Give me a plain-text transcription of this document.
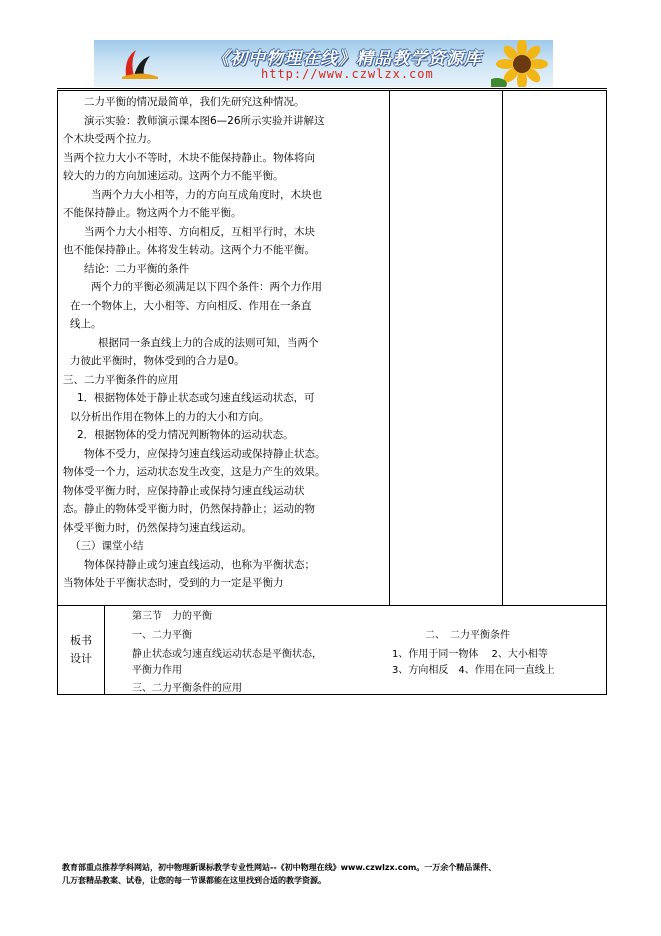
《初中物理在线》精品教学资源库
http://www.czwlzx.com

二力平衡的情况最简单，我们先研究这种情况。

演示实验：教师演示课本图6—26所示实验并讲解这

个木块受两个拉力。

当两个拉力大小不等时，木块不能保持静止。物体将向

较大的力的方向加速运动。这两个力不能平衡。

当两个力大小相等，力的方向互成角度时，木块也

不能保持静止。物这两个力不能平衡。

当两个力大小相等、方向相反，互相平行时，木块

也不能保持静止。体将发生转动。这两个力不能平衡。

结论：二力平衡的条件

两个力的平衡必须满足以下四个条件：两个力作用

在一个物体上，大小相等、方向相反、作用在一条直

线上。

根据同一条直线上力的合成的法则可知，当两个

力彼此平衡时，物体受到的合力是0。

三、二力平衡条件的应用

1．根据物体处于静止状态或匀速直线运动状态，可

以分析出作用在物体上的力的大小和方向。

2．根据物体的受力情况判断物体的运动状态。

物体不受力，应保持匀速直线运动或保持静止状态。

物体受一个力，运动状态发生改变，这是力产生的效果。

物体受平衡力时，应保持静止或保持匀速直线运动状

态。静止的物体受平衡力时，仍然保持静止；运动的物

体受平衡力时，仍然保持匀速直线运动。

（三）课堂小结

物体保持静止或匀速直线运动，也称为平衡状态；

当物体处于平衡状态时，受到的力一定是平衡力

板书
设计
第三节　力的平衡
一、二力平衡
静止状态或匀速直线运动状态是平衡状态，
平衡力作用
三、二力平衡条件的应用
二、　二力平衡条件
1、作用于同一物体　 2、大小相等
3、方向相反　4、作用在同一直线上

教育部重点推荐学科网站，初中物理新课标教学专业性网站--《初中物理在线》www.czwlzx.com。一万余个精品课件、

几万套精品教案、试卷，让您的每一节课都能在这里找到合适的教学资源。
